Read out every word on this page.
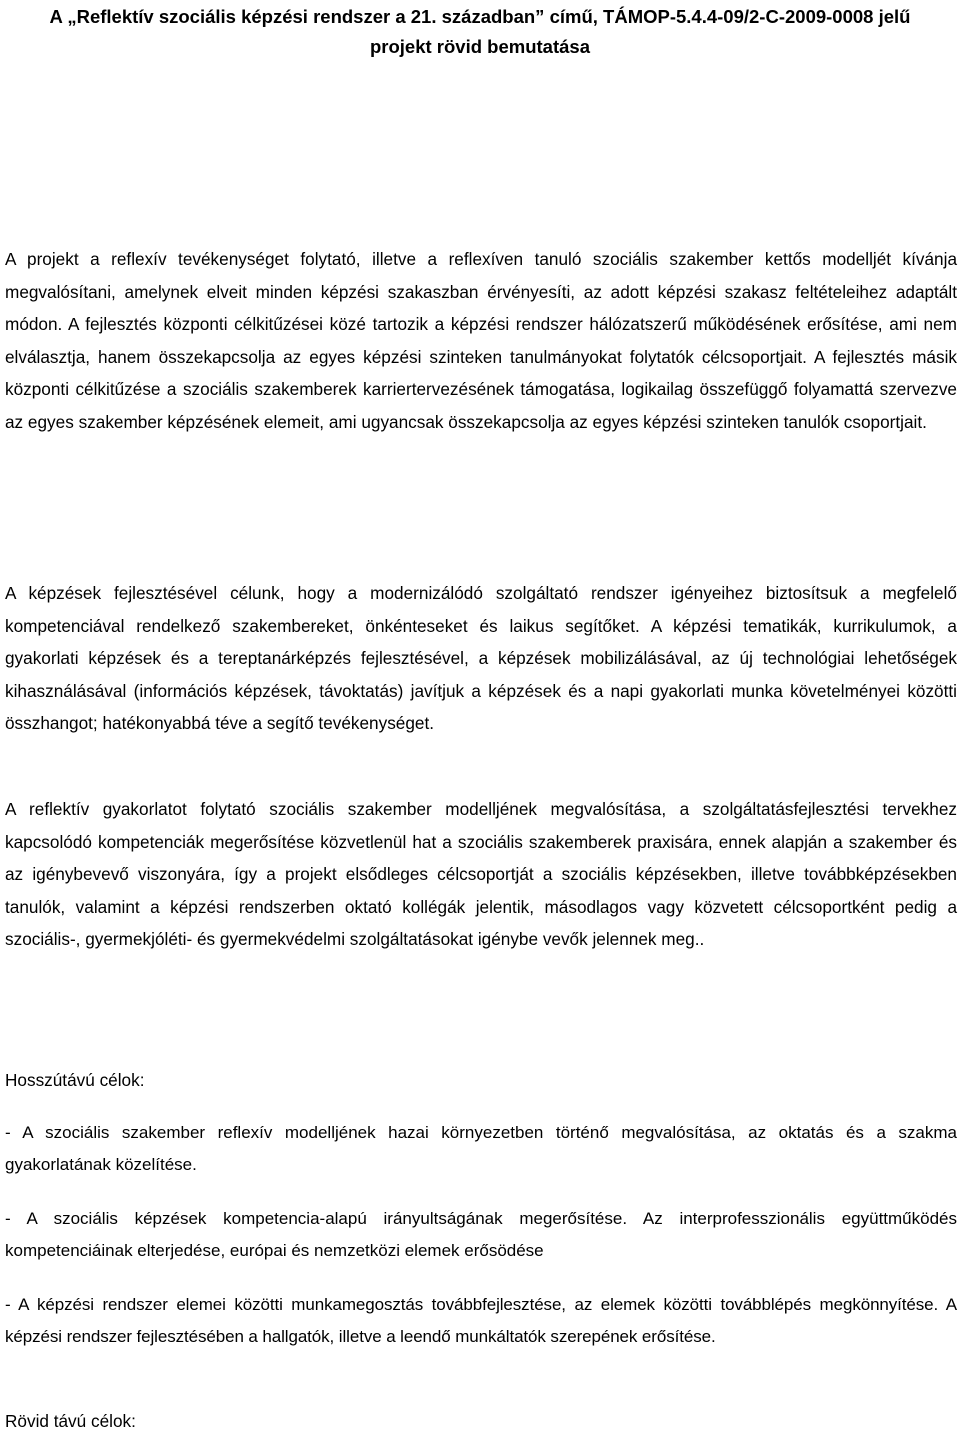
A „Reflektív szociális képzési rendszer a 21. században” című, TÁMOP-5.4.4-09/2-C-2009-0008 jelű
projekt rövid bemutatása

A projekt a reflexív tevékenységet folytató, illetve a reflexíven tanuló szociális szakember kettős modelljét kívánja megvalósítani, amelynek elveit minden képzési szakaszban érvényesíti, az adott képzési szakasz feltételeihez adaptált módon. A fejlesztés központi célkitűzései közé tartozik a képzési rendszer hálózatszerű működésének erősítése, ami nem elválasztja, hanem összekapcsolja az egyes képzési szinteken tanulmányokat folytatók célcsoportjait. A fejlesztés másik központi célkitűzése a szociális szakemberek karriertervezésének támogatása, logikailag összefüggő folyamattá szervezve az egyes szakember képzésének elemeit, ami ugyancsak összekapcsolja az egyes képzési szinteken tanulók csoportjait.

A képzések fejlesztésével célunk, hogy a modernizálódó szolgáltató rendszer igényeihez biztosítsuk a megfelelő kompetenciával rendelkező szakembereket, önkénteseket és laikus segítőket. A képzési tematikák, kurrikulumok, a gyakorlati képzések és a tereptanárképzés fejlesztésével, a képzések mobilizálásával, az új technológiai lehetőségek kihasználásával (információs képzések, távoktatás) javítjuk a képzések és a napi gyakorlati munka követelményei közötti összhangot; hatékonyabbá téve a segítő tevékenységet.

A reflektív gyakorlatot folytató szociális szakember modelljének megvalósítása, a szolgáltatásfejlesztési tervekhez kapcsolódó kompetenciák megerősítése közvetlenül hat a szociális szakemberek praxisára, ennek alapján a szakember és az igénybevevő viszonyára, így a projekt elsődleges célcsoportját a szociális képzésekben, illetve továbbképzésekben tanulók, valamint a képzési rendszerben oktató kollégák jelentik, másodlagos vagy közvetett célcsoportként pedig a szociális-, gyermekjóléti- és gyermekvédelmi szolgáltatásokat igénybe vevők jelennek meg..

Hosszútávú célok:

- A szociális szakember reflexív modelljének hazai környezetben történő megvalósítása, az oktatás és a szakma gyakorlatának közelítése.

- A szociális képzések kompetencia-alapú irányultságának megerősítése. Az interprofesszionális együttműködés kompetenciáinak elterjedése, európai és nemzetközi elemek erősödése

- A képzési rendszer elemei közötti munkamegosztás továbbfejlesztése, az elemek közötti továbblépés megkönnyítése. A képzési rendszer fejlesztésében a hallgatók, illetve a leendő munkáltatók szerepének erősítése.

Rövid távú célok:
